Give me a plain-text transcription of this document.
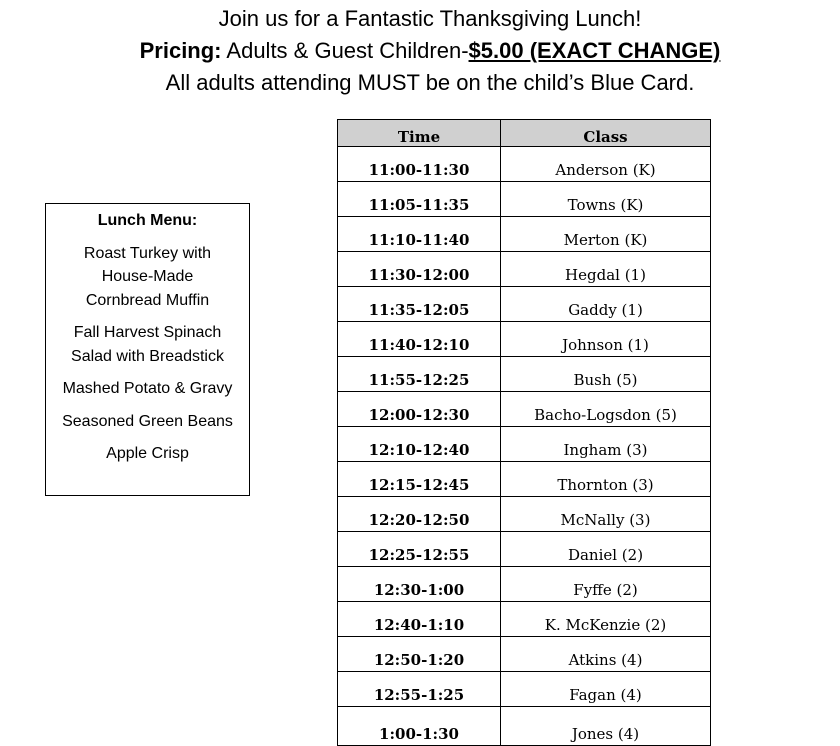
Join us for a Fantastic Thanksgiving Lunch!
Pricing: Adults & Guest Children-$5.00 (EXACT CHANGE)
All adults attending MUST be on the child’s Blue Card.
Lunch Menu:
Roast Turkey with House-Made Cornbread Muffin
Fall Harvest Spinach Salad with Breadstick
Mashed Potato & Gravy
Seasoned Green Beans
Apple Crisp
Time	Class
11:00-11:30	Anderson (K)
11:05-11:35	Towns (K)
11:10-11:40	Merton (K)
11:30-12:00	Hegdal (1)
11:35-12:05	Gaddy (1)
11:40-12:10	Johnson (1)
11:55-12:25	Bush (5)
12:00-12:30	Bacho-Logsdon (5)
12:10-12:40	Ingham (3)
12:15-12:45	Thornton (3)
12:20-12:50	McNally (3)
12:25-12:55	Daniel (2)
12:30-1:00	Fyffe (2)
12:40-1:10	K. McKenzie (2)
12:50-1:20	Atkins (4)
12:55-1:25	Fagan (4)
1:00-1:30	Jones (4)
